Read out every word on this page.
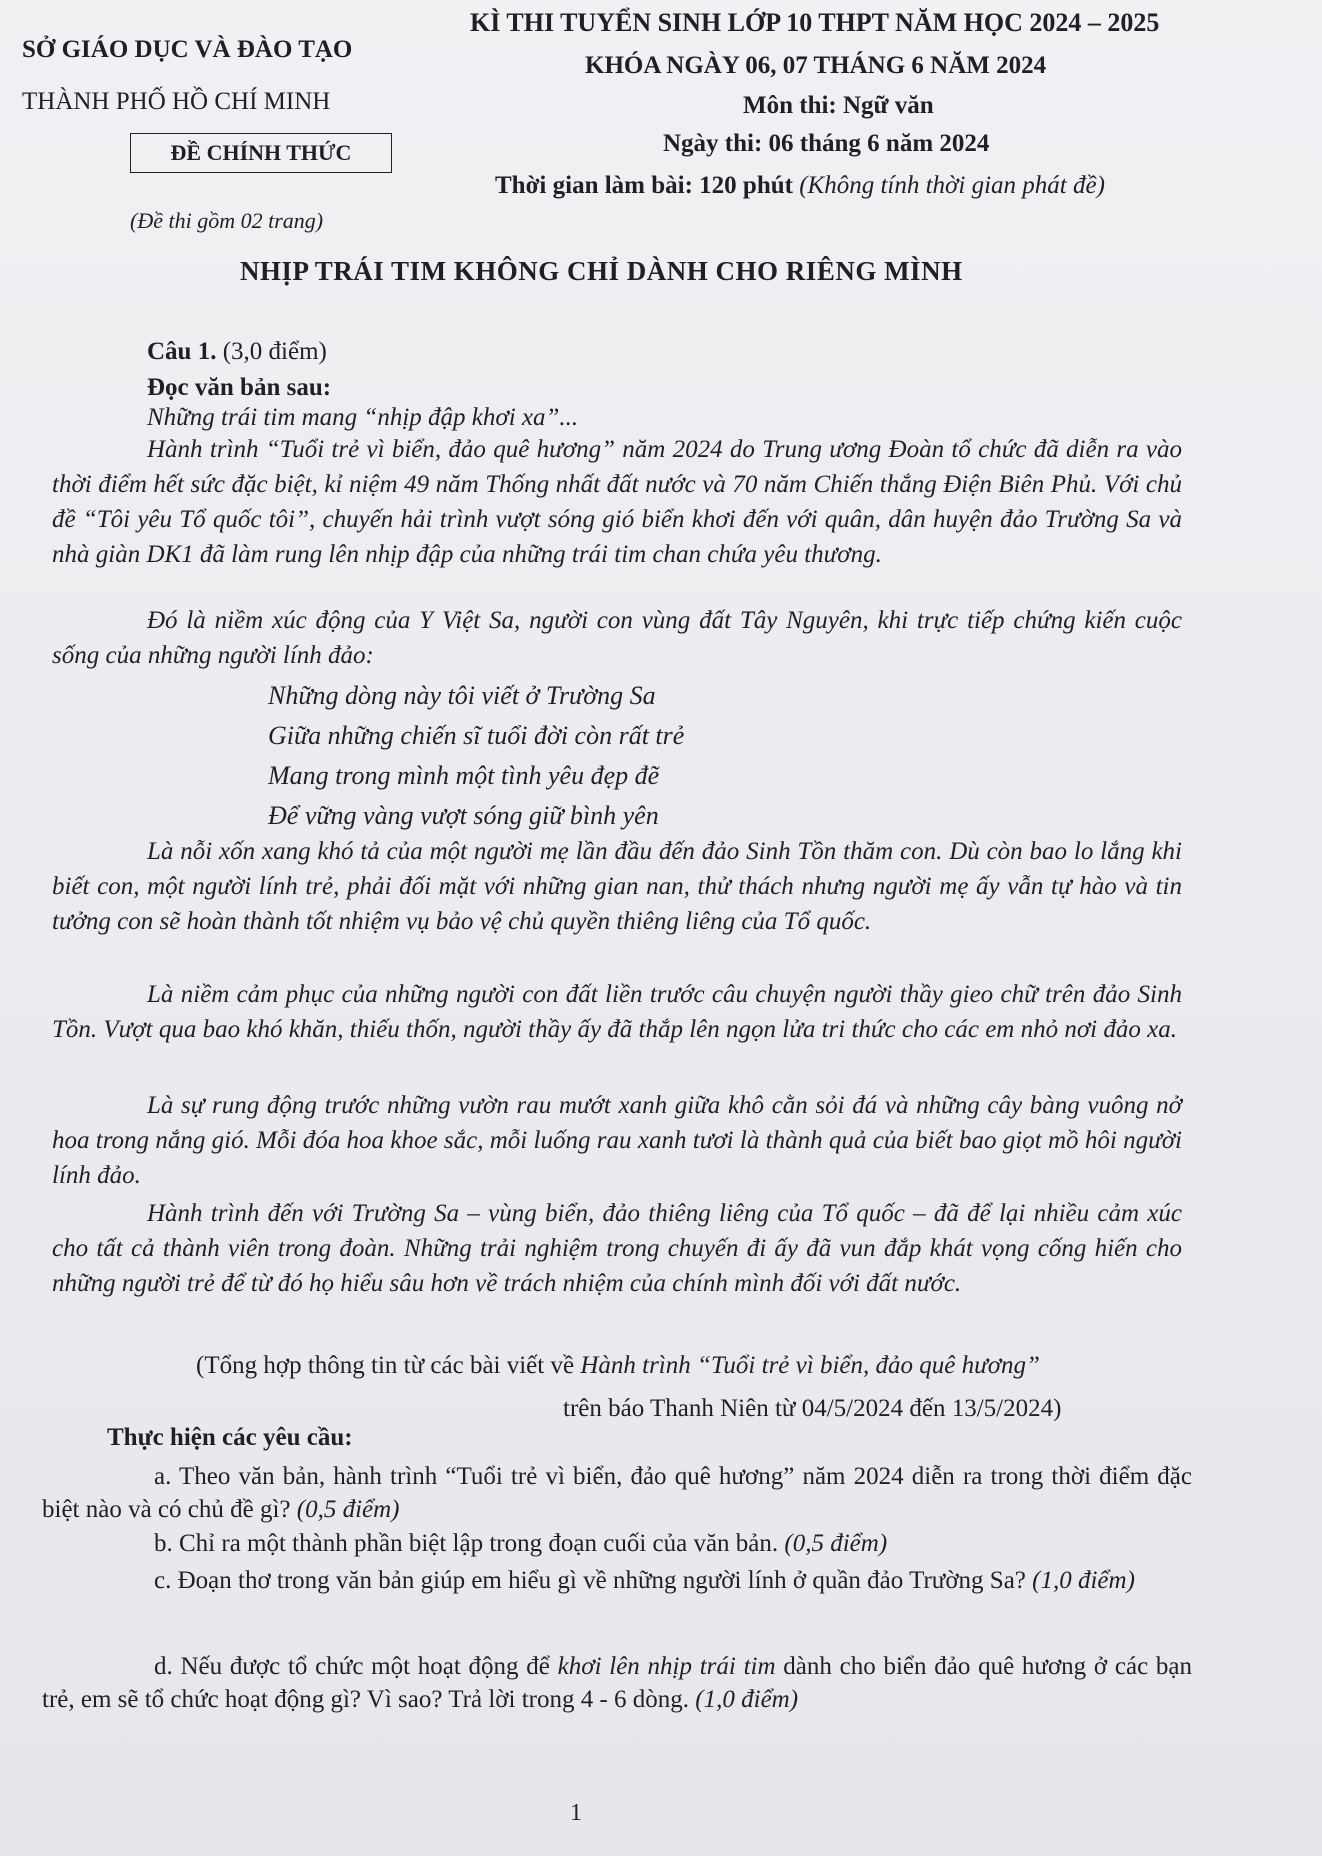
SỞ GIÁO DỤC VÀ ĐÀO TẠO
THÀNH PHỐ HỒ CHÍ MINH
ĐỀ CHÍNH THỨC
(Đề thi gồm 02 trang)
KÌ THI TUYỂN SINH LỚP 10 THPT NĂM HỌC 2024 – 2025
KHÓA NGÀY 06, 07 THÁNG 6 NĂM 2024
Môn thi: Ngữ văn
Ngày thi: 06 tháng 6 năm 2024
Thời gian làm bài: 120 phút (Không tính thời gian phát đề)
NHỊP TRÁI TIM KHÔNG CHỈ DÀNH CHO RIÊNG MÌNH
Câu 1. (3,0 điểm)
Đọc văn bản sau:
Những trái tim mang “nhịp đập khơi xa”...
Hành trình “Tuổi trẻ vì biển, đảo quê hương” năm 2024 do Trung ương Đoàn tổ chức đã diễn ra vào thời điểm hết sức đặc biệt, kỉ niệm 49 năm Thống nhất đất nước và 70 năm Chiến thắng Điện Biên Phủ. Với chủ đề “Tôi yêu Tổ quốc tôi”, chuyến hải trình vượt sóng gió biển khơi đến với quân, dân huyện đảo Trường Sa và nhà giàn DK1 đã làm rung lên nhịp đập của những trái tim chan chứa yêu thương.
Đó là niềm xúc động của Y Việt Sa, người con vùng đất Tây Nguyên, khi trực tiếp chứng kiến cuộc sống của những người lính đảo:
Những dòng này tôi viết ở Trường Sa
Giữa những chiến sĩ tuổi đời còn rất trẻ
Mang trong mình một tình yêu đẹp đẽ
Để vững vàng vượt sóng giữ bình yên
Là nỗi xốn xang khó tả của một người mẹ lần đầu đến đảo Sinh Tồn thăm con. Dù còn bao lo lắng khi biết con, một người lính trẻ, phải đối mặt với những gian nan, thử thách nhưng người mẹ ấy vẫn tự hào và tin tưởng con sẽ hoàn thành tốt nhiệm vụ bảo vệ chủ quyền thiêng liêng của Tổ quốc.
Là niềm cảm phục của những người con đất liền trước câu chuyện người thầy gieo chữ trên đảo Sinh Tồn. Vượt qua bao khó khăn, thiếu thốn, người thầy ấy đã thắp lên ngọn lửa tri thức cho các em nhỏ nơi đảo xa.
Là sự rung động trước những vườn rau mướt xanh giữa khô cằn sỏi đá và những cây bàng vuông nở hoa trong nắng gió. Mỗi đóa hoa khoe sắc, mỗi luống rau xanh tươi là thành quả của biết bao giọt mồ hôi người lính đảo.
Hành trình đến với Trường Sa – vùng biển, đảo thiêng liêng của Tổ quốc – đã để lại nhiều cảm xúc cho tất cả thành viên trong đoàn. Những trải nghiệm trong chuyến đi ấy đã vun đắp khát vọng cống hiến cho những người trẻ để từ đó họ hiểu sâu hơn về trách nhiệm của chính mình đối với đất nước.
(Tổng hợp thông tin từ các bài viết về Hành trình “Tuổi trẻ vì biển, đảo quê hương”
trên báo Thanh Niên từ 04/5/2024 đến 13/5/2024)
Thực hiện các yêu cầu:
a. Theo văn bản, hành trình “Tuổi trẻ vì biển, đảo quê hương” năm 2024 diễn ra trong thời điểm đặc biệt nào và có chủ đề gì? (0,5 điểm)
b. Chỉ ra một thành phần biệt lập trong đoạn cuối của văn bản. (0,5 điểm)
c. Đoạn thơ trong văn bản giúp em hiểu gì về những người lính ở quần đảo Trường Sa? (1,0 điểm)
d. Nếu được tổ chức một hoạt động để khơi lên nhịp trái tim dành cho biển đảo quê hương ở các bạn trẻ, em sẽ tổ chức hoạt động gì? Vì sao? Trả lời trong 4 - 6 dòng. (1,0 điểm)
1
